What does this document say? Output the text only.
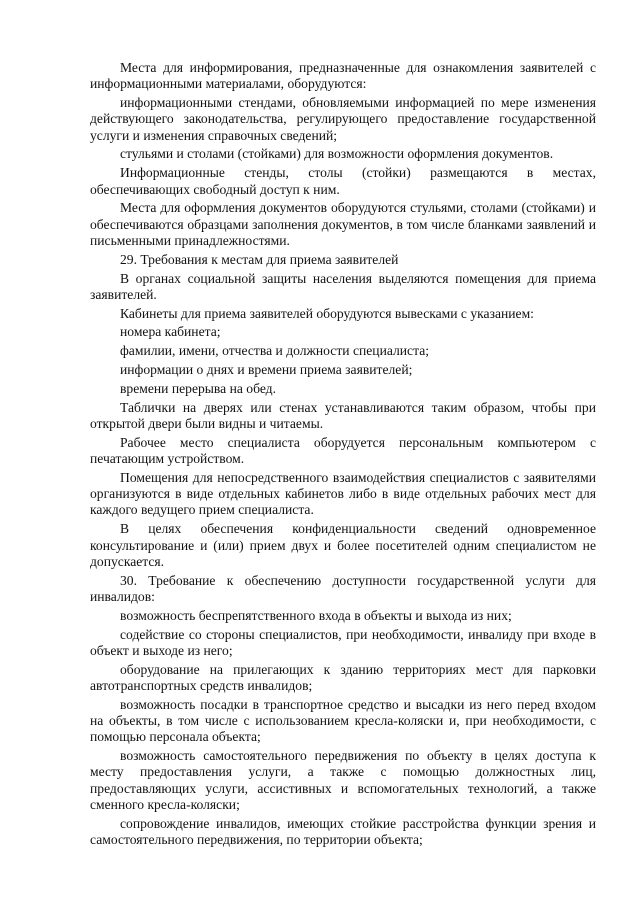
Места для информирования, предназначенные для ознакомления заявителей с информационными материалами, оборудуются:

информационными стендами, обновляемыми информацией по мере изменения действующего законодательства, регулирующего предоставление государственной услуги и изменения справочных сведений;

стульями и столами (стойками) для возможности оформления документов.

Информационные стенды, столы (стойки) размещаются в местах, обеспечивающих свободный доступ к ним.

Места для оформления документов оборудуются стульями, столами (стойками) и обеспечиваются образцами заполнения документов, в том числе бланками заявлений и письменными принадлежностями.

29. Требования к местам для приема заявителей

В органах социальной защиты населения выделяются помещения для приема заявителей.

Кабинеты для приема заявителей оборудуются вывесками с указанием:

номера кабинета;

фамилии, имени, отчества и должности специалиста;

информации о днях и времени приема заявителей;

времени перерыва на обед.

Таблички на дверях или стенах устанавливаются таким образом, чтобы при открытой двери были видны и читаемы.

Рабочее место специалиста оборудуется персональным компьютером с печатающим устройством.

Помещения для непосредственного взаимодействия специалистов с заявителями организуются в виде отдельных кабинетов либо в виде отдельных рабочих мест для каждого ведущего прием специалиста.

В целях обеспечения конфиденциальности сведений одновременное консультирование и (или) прием двух и более посетителей одним специалистом не допускается.

30. Требование к обеспечению доступности государственной услуги для инвалидов:

возможность беспрепятственного входа в объекты и выхода из них;

содействие со стороны специалистов, при необходимости, инвалиду при входе в объект и выходе из него;

оборудование на прилегающих к зданию территориях мест для парковки автотранспортных средств инвалидов;

возможность посадки в транспортное средство и высадки из него перед входом на объекты, в том числе с использованием кресла-коляски и, при необходимости, с помощью персонала объекта;

возможность самостоятельного передвижения по объекту в целях доступа к месту предоставления услуги, а также с помощью должностных лиц, предоставляющих услуги, ассистивных и вспомогательных технологий, а также сменного кресла-коляски;

сопровождение инвалидов, имеющих стойкие расстройства функции зрения и самостоятельного передвижения, по территории объекта;
